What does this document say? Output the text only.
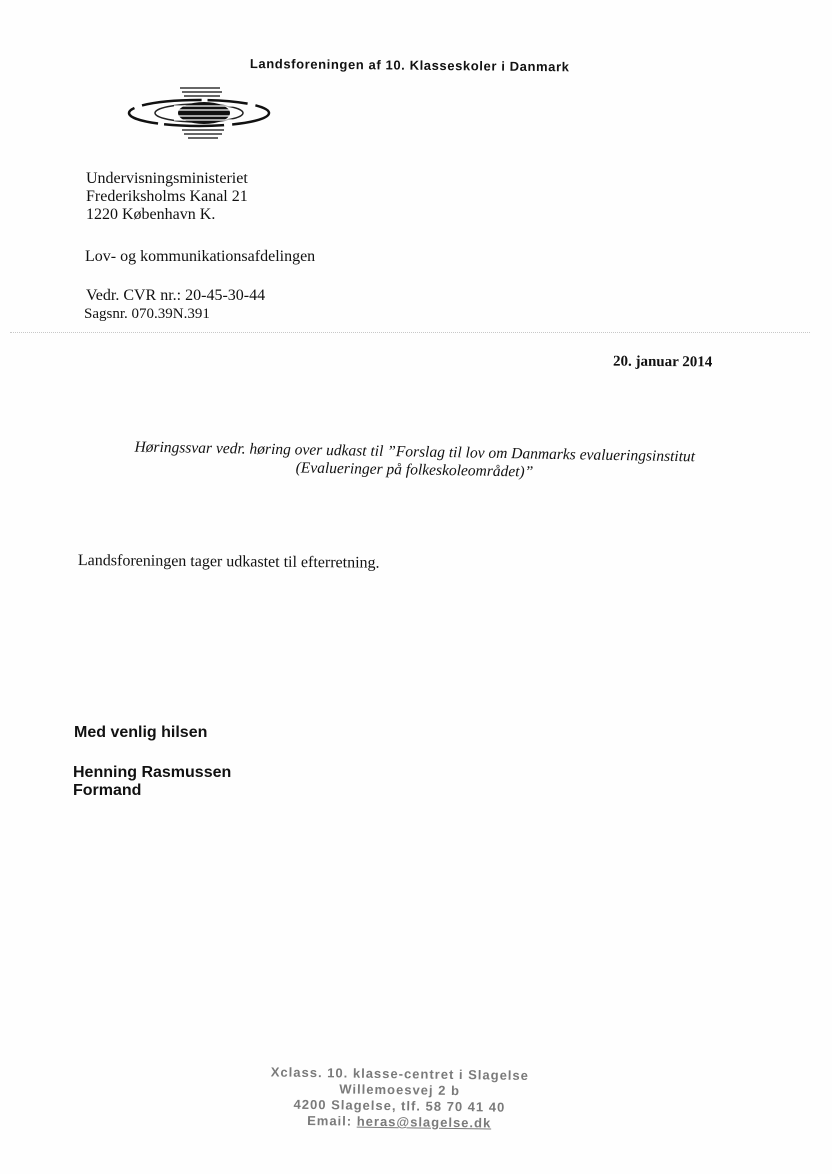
Landsforeningen af 10. Klasseskoler i Danmark
Undervisningsministeriet
Frederiksholms Kanal 21
1220 København K.
Lov- og kommunikationsafdelingen
Vedr. CVR nr.: 20-45-30-44
Sagsnr. 070.39N.391
20. januar 2014
Høringssvar vedr. høring over udkast til ”Forslag til lov om Danmarks evalueringsinstitut
(Evalueringer på folkeskoleområdet)”
Landsforeningen tager udkastet til efterretning.
Med venlig hilsen
Henning Rasmussen
Formand
Xclass. 10. klasse-centret i Slagelse
Willemoesvej 2 b
4200 Slagelse, tlf. 58 70 41 40
Email: heras@slagelse.dk
